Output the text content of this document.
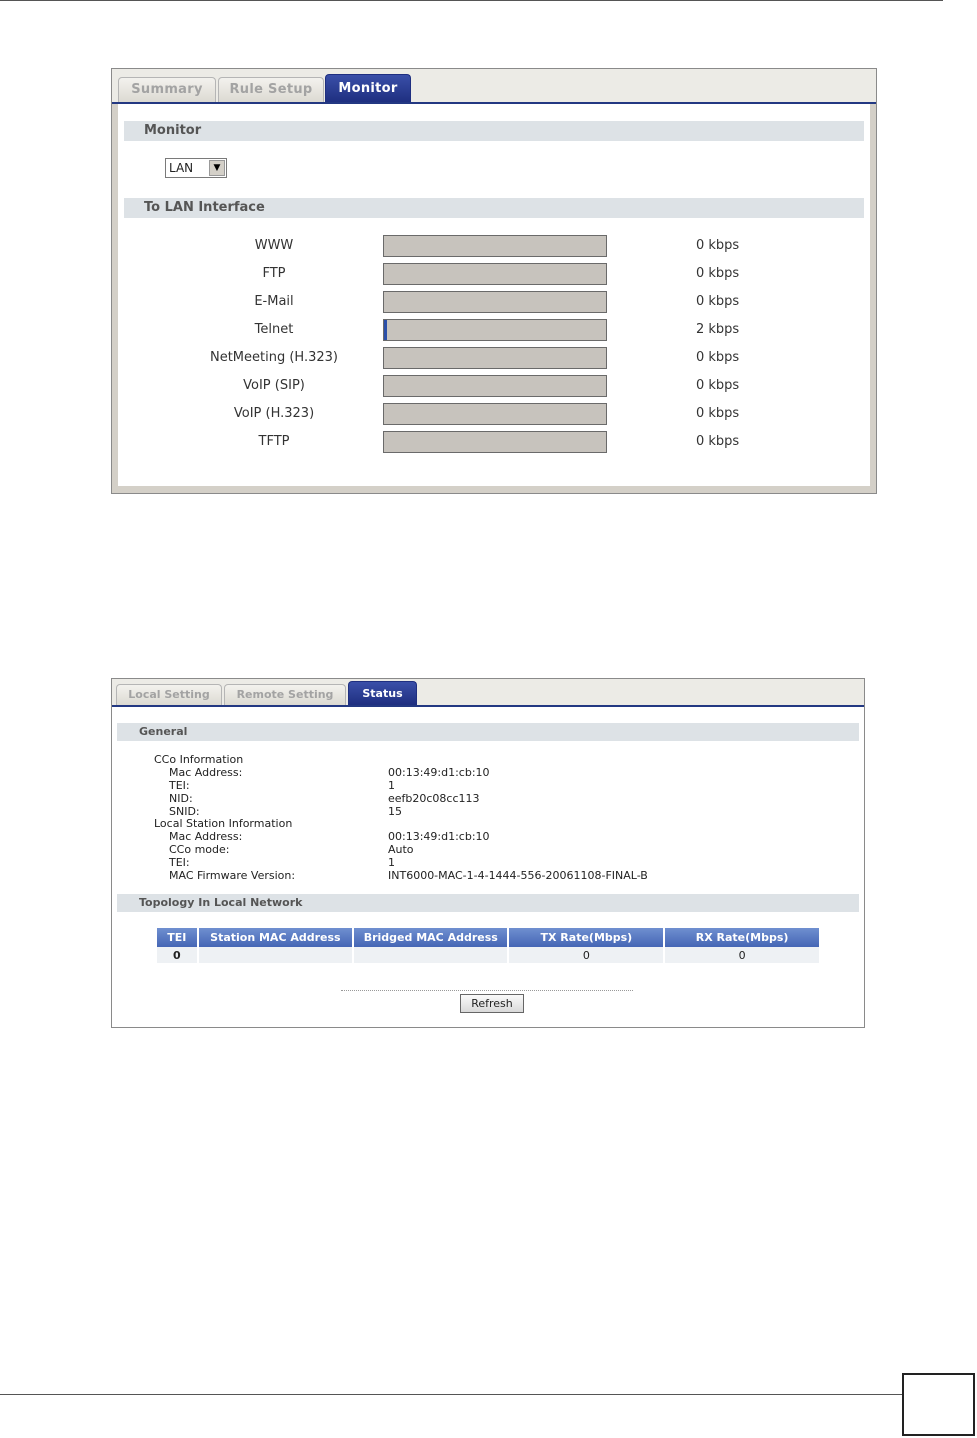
Summary	Rule Setup	Monitor
Monitor
LAN	▼
To LAN Interface
WWW	0 kbps
FTP	0 kbps
E-Mail	0 kbps
Telnet	2 kbps
NetMeeting (H.323)	0 kbps
VoIP (SIP)	0 kbps
VoIP (H.323)	0 kbps
TFTP	0 kbps
Local Setting	Remote Setting	Status
General
CCo Information
Mac Address:	00:13:49:d1:cb:10
TEI:	1
NID:	eefb20c08cc113
SNID:	15
Local Station Information
Mac Address:	00:13:49:d1:cb:10
CCo mode:	Auto
TEI:	1
MAC Firmware Version:	INT6000-MAC-1-4-1444-556-20061108-FINAL-B
Topology In Local Network
TEI	Station MAC Address	Bridged MAC Address	TX Rate(Mbps)	RX Rate(Mbps)
0			0	0
Refresh
